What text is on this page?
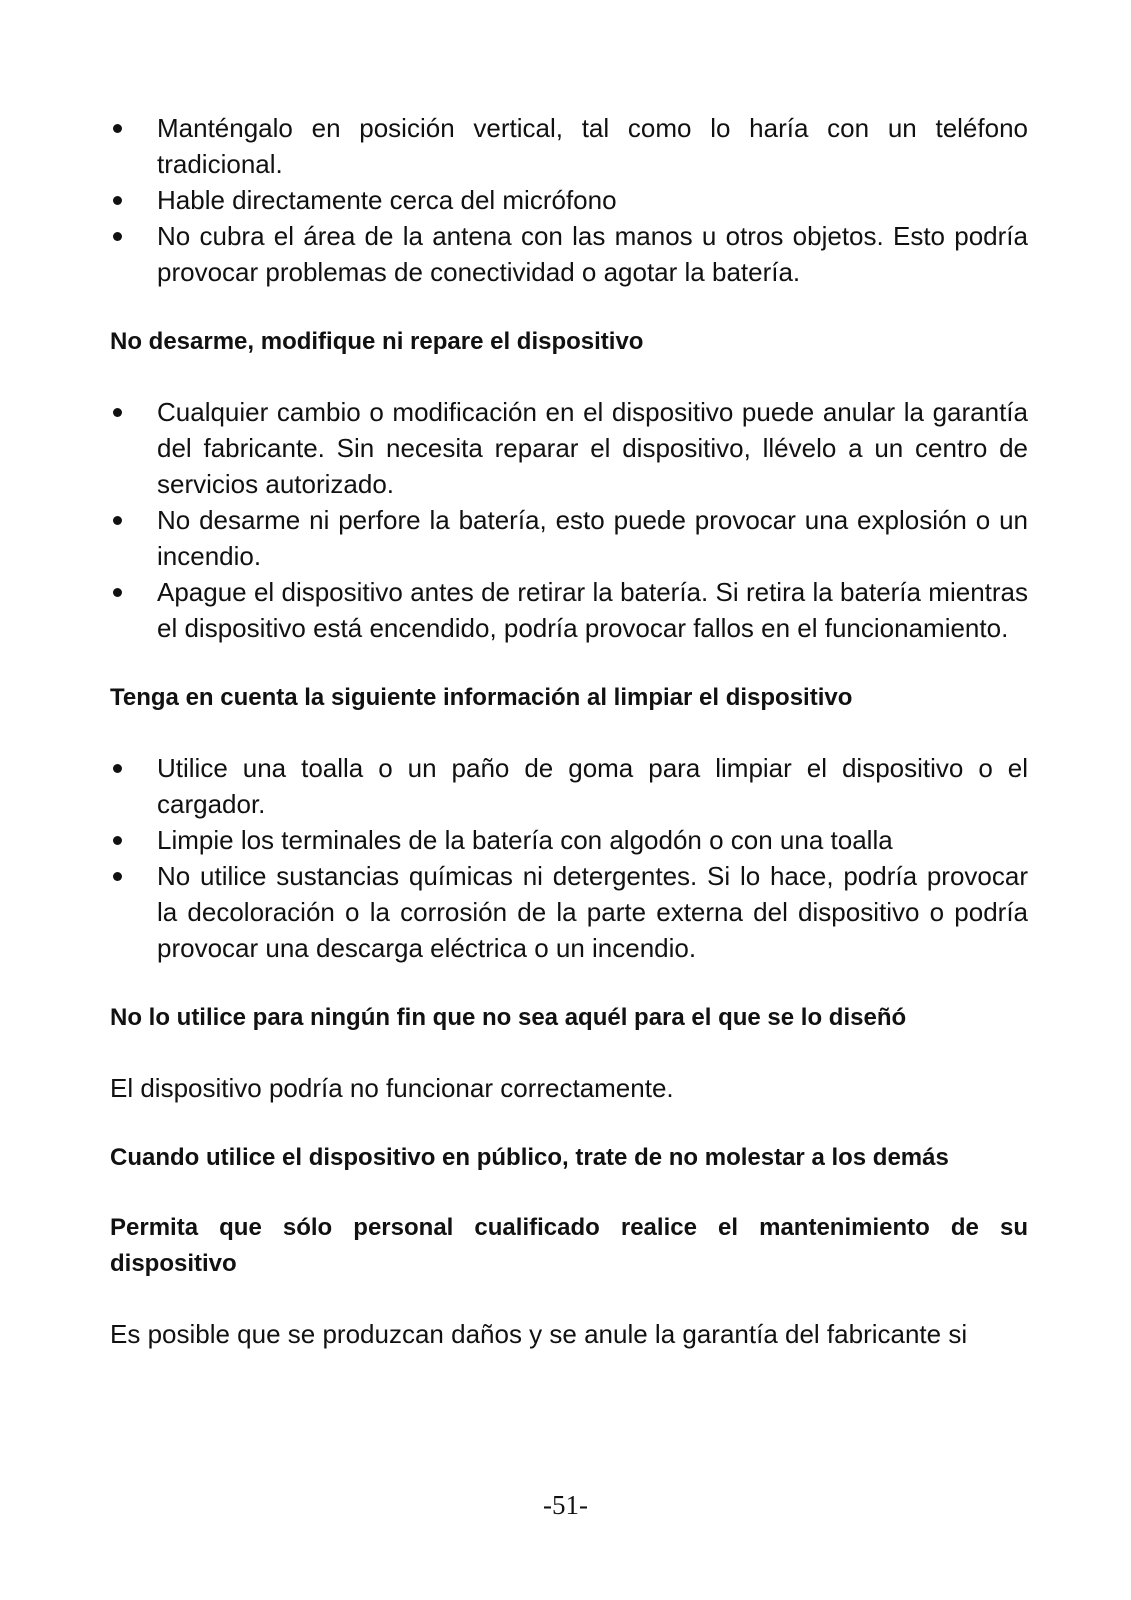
Manténgalo en posición vertical, tal como lo haría con un teléfono tradicional.
Hable directamente cerca del micrófono
No cubra el área de la antena con las manos u otros objetos. Esto podría provocar problemas de conectividad o agotar la batería.
No desarme, modifique ni repare el dispositivo
Cualquier cambio o modificación en el dispositivo puede anular la garantía del fabricante. Sin necesita reparar el dispositivo, llévelo a un centro de servicios autorizado.
No desarme ni perfore la batería, esto puede provocar una explosión o un incendio.
Apague el dispositivo antes de retirar la batería. Si retira la batería mientras el dispositivo está encendido, podría provocar fallos en el funcionamiento.
Tenga en cuenta la siguiente información al limpiar el dispositivo
Utilice una toalla o un paño de goma para limpiar el dispositivo o el cargador.
Limpie los terminales de la batería con algodón o con una toalla
No utilice sustancias químicas ni detergentes. Si lo hace, podría provocar la decoloración o la corrosión de la parte externa del dispositivo o podría provocar una descarga eléctrica o un incendio.
No lo utilice para ningún fin que no sea aquél para el que se lo diseñó

El dispositivo podría no funcionar correctamente.

Cuando utilice el dispositivo en público, trate de no molestar a los demás
Permita que sólo personal cualificado realice el mantenimiento de su dispositivo

Es posible que se produzcan daños y se anule la garantía del fabricante si

-51-
